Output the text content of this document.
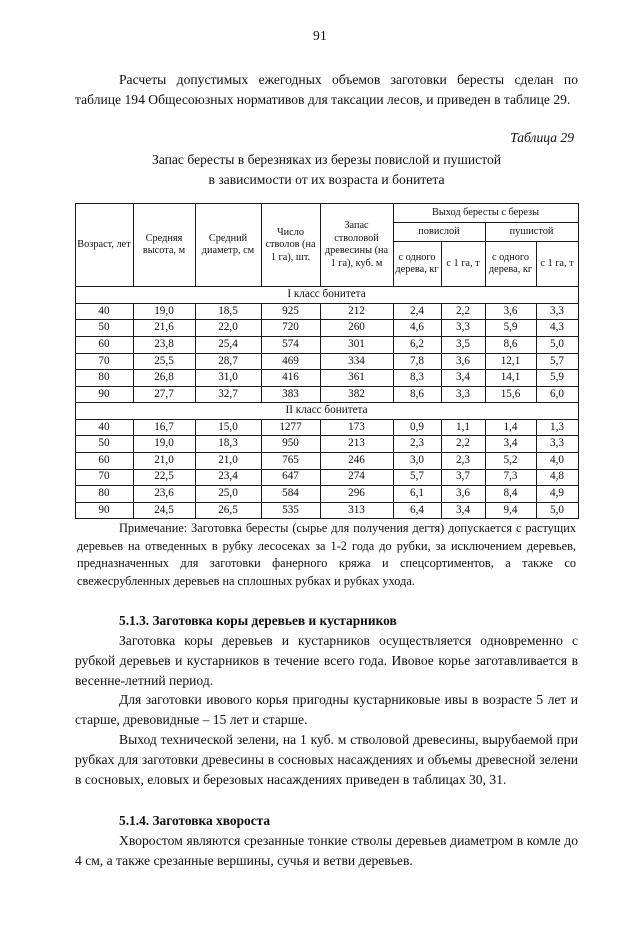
91

Расчеты допустимых ежегодных объемов заготовки бересты сделан по таблице 194 Общесоюзных нормативов для таксации лесов, и приведен в таблице 29.

Таблица 29
Запас бересты в березняках из березы повислой и пушистой
в зависимости от их возраста и бонитета
Возраст, лет	Средняя высота, м	Средний диаметр, см	Число стволов (на 1 га), шт.	Запас стволовой древесины (на 1 га), куб. м	Выход бересты с березы			
					повислой		пушистой	
					с одного дерева, кг	с 1 га, т	с одного дерева, кг	с 1 га, т
I класс бонитета								
40	19,0	18,5	925	212	2,4	2,2	3,6	3,3
50	21,6	22,0	720	260	4,6	3,3	5,9	4,3
60	23,8	25,4	574	301	6,2	3,5	8,6	5,0
70	25,5	28,7	469	334	7,8	3,6	12,1	5,7
80	26,8	31,0	416	361	8,3	3,4	14,1	5,9
90	27,7	32,7	383	382	8,6	3,3	15,6	6,0
II класс бонитета								
40	16,7	15,0	1277	173	0,9	1,1	1,4	1,3
50	19,0	18,3	950	213	2,3	2,2	3,4	3,3
60	21,0	21,0	765	246	3,0	2,3	5,2	4,0
70	22,5	23,4	647	274	5,7	3,7	7,3	4,8
80	23,6	25,0	584	296	6,1	3,6	8,4	4,9
90	24,5	26,5	535	313	6,4	3,4	9,4	5,0

Примечание: Заготовка бересты (сырье для получения дегтя) допускается с растущих деревьев на отведенных в рубку лесосеках за 1-2 года до рубки, за исключением деревьев, предназначенных для заготовки фанерного кряжа и спецсортиментов, а также со свежесрубленных деревьев на сплошных рубках и рубках ухода.

5.1.3. Заготовка коры деревьев и кустарников

Заготовка коры деревьев и кустарников осуществляется одновременно с рубкой деревьев и кустарников в течение всего года. Ивовое корье заготавливается в весенне-летний период.

Для заготовки ивового корья пригодны кустарниковые ивы в возрасте 5 лет и старше, древовидные – 15 лет и старше.

Выход технической зелени, на 1 куб. м стволовой древесины, вырубаемой при рубках для заготовки древесины в сосновых насаждениях и объемы древесной зелени в сосновых, еловых и березовых насаждениях приведен в таблицах 30, 31.

5.1.4. Заготовка хвороста

Хворостом являются срезанные тонкие стволы деревьев диаметром в комле до 4 см, а также срезанные вершины, сучья и ветви деревьев.
